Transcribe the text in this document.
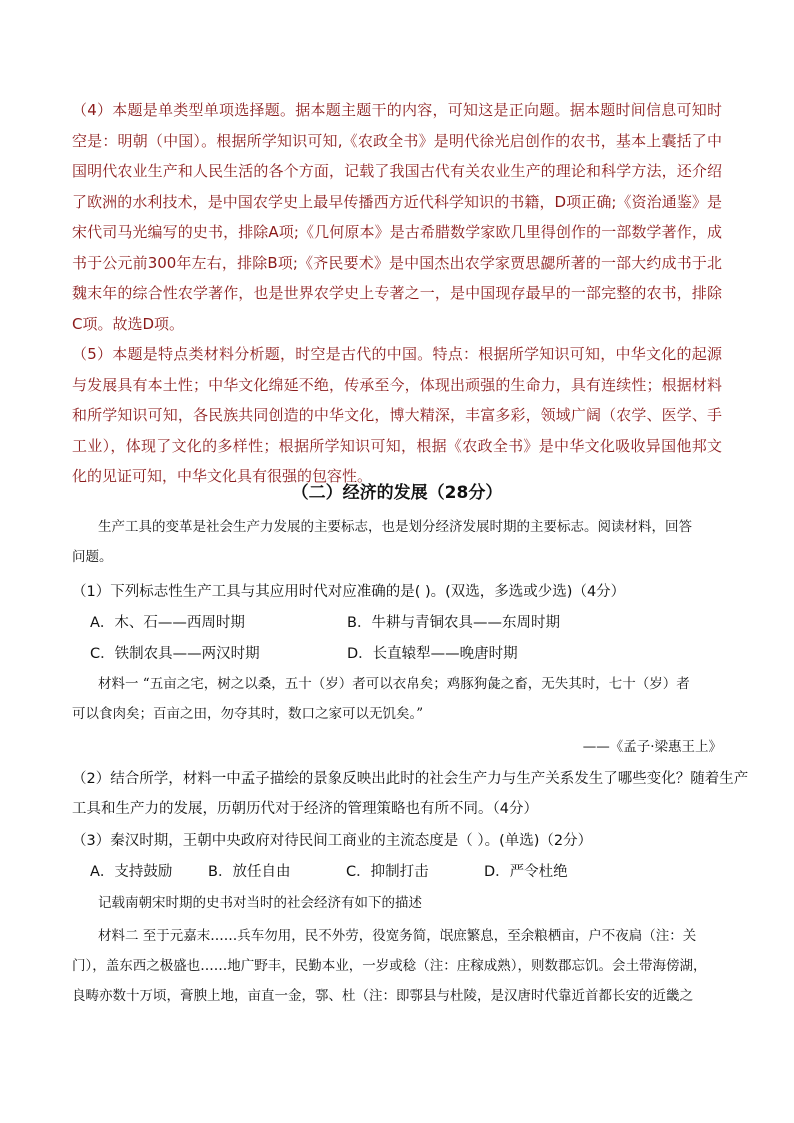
（4）本题是单类型单项选择题。据本题主题干的内容，可知这是正向题。据本题时间信息可知时空是：明朝（中国）。根据所学知识可知,《农政全书》是明代徐光启创作的农书，基本上囊括了中国明代农业生产和人民生活的各个方面，记载了我国古代有关农业生产的理论和科学方法，还介绍了欧洲的水利技术，是中国农学史上最早传播西方近代科学知识的书籍，D项正确;《资治通鉴》是宋代司马光编写的史书，排除A项;《几何原本》是古希腊数学家欧几里得创作的一部数学著作，成书于公元前300年左右，排除B项;《齐民要术》是中国杰出农学家贾思勰所著的一部大约成书于北魏末年的综合性农学著作，也是世界农学史上专著之一，是中国现存最早的一部完整的农书，排除C项。故选D项。

（5）本题是特点类材料分析题，时空是古代的中国。特点：根据所学知识可知，中华文化的起源与发展具有本土性；中华文化绵延不绝，传承至今，体现出顽强的生命力，具有连续性；根据材料和所学知识可知，各民族共同创造的中华文化，博大精深，丰富多彩，领域广阔（农学、医学、手工业），体现了文化的多样性；根据所学知识可知，根据《农政全书》是中华文化吸收异国他邦文化的见证可知，中华文化具有很强的包容性。

（二）经济的发展（28分）
生产工具的变革是社会生产力发展的主要标志，也是划分经济发展时期的主要标志。阅读材料，回答
问题。
（1）下列标志性生产工具与其应用时代对应准确的是( )。(双选，多选或少选)（4分）
A．木、石——西周时期	B．牛耕与青铜农具——东周时期
C．铁制农具——两汉时期	D．长直辕犁——晚唐时期
材料一 “五亩之宅，树之以桑，五十（岁）者可以衣帛矣；鸡豚狗彘之畜，无失其时，七十（岁）者
可以食肉矣；百亩之田，勿夺其时，数口之家可以无饥矣。”
——《孟子·梁惠王上》
（2）结合所学，材料一中孟子描绘的景象反映出此时的社会生产力与生产关系发生了哪些变化？随着生产
工具和生产力的发展，历朝历代对于经济的管理策略也有所不同。（4分）
（3）秦汉时期，王朝中央政府对待民间工商业的主流态度是（ ）。(单选)（2分）
A．支持鼓励 B．放任自由	C．抑制打击	D．严令杜绝
记载南朝宋时期的史书对当时的社会经济有如下的描述
材料二 至于元嘉末……兵车勿用，民不外劳，役宽务简，氓庶繁息，至余粮栖亩，户不夜扃（注：关
门），盖东西之极盛也……地广野丰，民勤本业，一岁或稔（注：庄稼成熟），则数郡忘饥。会土带海傍湖，
良畴亦数十万顷，膏腴上地，亩直一金，鄠、杜（注：即鄠县与杜陵，是汉唐时代靠近首都长安的近畿之
